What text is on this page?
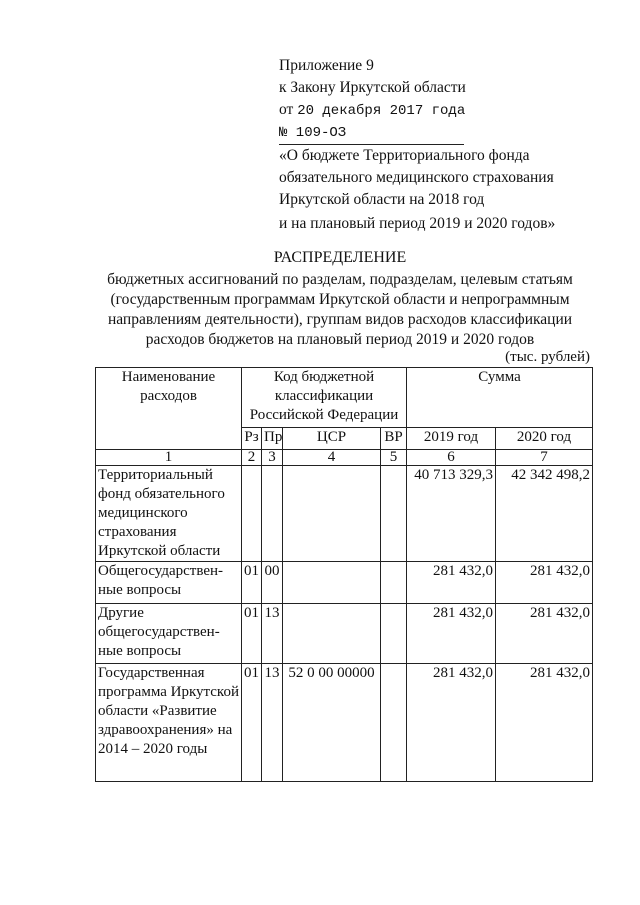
Приложение 9
к Закону Иркутской области
от 20 декабря 2017 года
№ 109-ОЗ
«О бюджете Территориального фонда
обязательного медицинского страхования
Иркутской области на 2018 год
и на плановый период 2019 и 2020 годов»
РАСПРЕДЕЛЕНИЕ
бюджетных ассигнований по разделам, подразделам, целевым статьям
(государственным программам Иркутской области и непрограммным
направлениям деятельности), группам видов расходов классификации
расходов бюджетов на плановый период 2019 и 2020 годов
(тыс. рублей)
Наименование расходов	Код бюджетной классификации Российской Федерации				Сумма	
	Рз	Пр	ЦСР	ВР	2019 год	2020 год
1	2	3	4	5	6	7
Территориальный фонд обязательного медицинского страхования Иркутской области					40 713 329,3	42 342 498,2
Общегосударствен-ные вопросы	01	00			281 432,0	281 432,0
Другие общегосударствен-ные вопросы	01	13			281 432,0	281 432,0
Государственная программа Иркутской области «Развитие здравоохранения» на 2014 – 2020 годы	01	13	52 0 00 00000		281 432,0	281 432,0
